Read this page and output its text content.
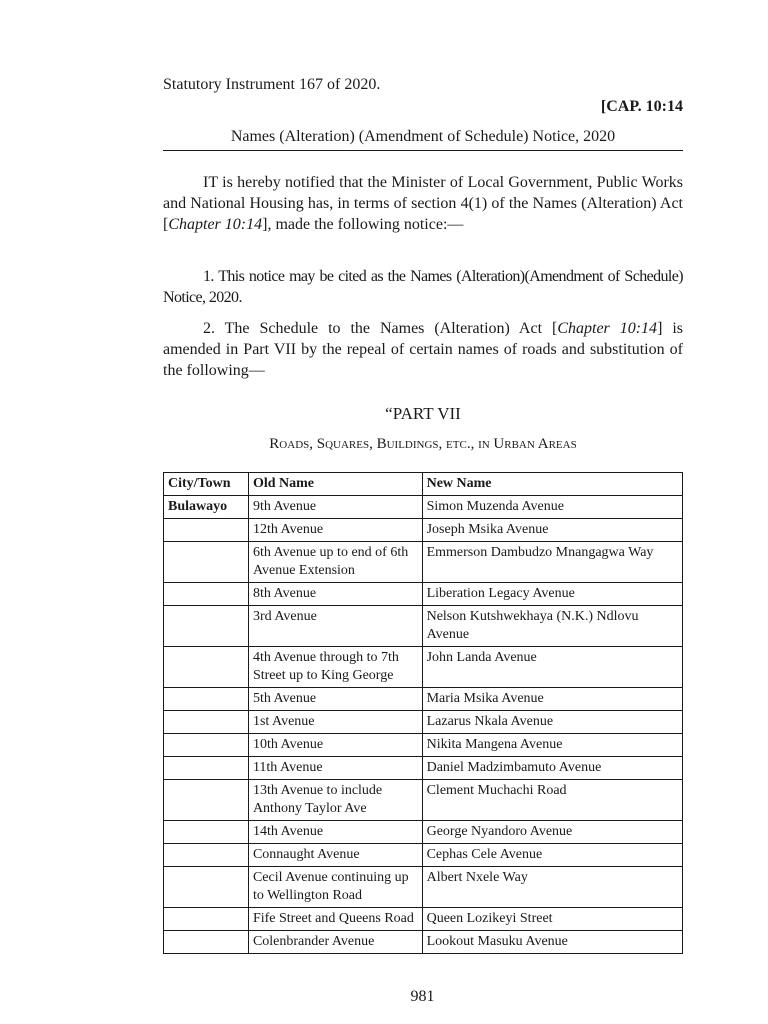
Statutory Instrument 167 of 2020.
[CAP. 10:14
Names (Alteration) (Amendment of Schedule) Notice, 2020
IT is hereby notified that the Minister of Local Government, Public Works and National Housing has, in terms of section 4(1) of the Names (Alteration) Act [Chapter 10:14], made the following notice:—
1. This notice may be cited as the Names (Alteration)(Amendment of Schedule) Notice, 2020.
2. The Schedule to the Names (Alteration) Act [Chapter 10:14] is amended in Part VII by the repeal of certain names of roads and substitution of the following—
“PART VII
Roads, Squares, Buildings, etc., in Urban Areas
City/Town	Old Name	New Name
Bulawayo	9th Avenue	Simon Muzenda Avenue
	12th Avenue	Joseph Msika Avenue
	6th Avenue up to end of 6th Avenue Extension	Emmerson Dambudzo Mnangagwa Way
	8th Avenue	Liberation Legacy Avenue
	3rd Avenue	Nelson Kutshwekhaya (N.K.) Ndlovu Avenue
	4th Avenue through to 7th Street up to King George	John Landa Avenue
	5th Avenue	Maria Msika Avenue
	1st Avenue	Lazarus Nkala Avenue
	10th Avenue	Nikita Mangena Avenue
	11th Avenue	Daniel Madzimbamuto Avenue
	13th Avenue to include Anthony Taylor Ave	Clement Muchachi Road
	14th Avenue	George Nyandoro Avenue
	Connaught Avenue	Cephas Cele Avenue
	Cecil Avenue continuing up to Wellington Road	Albert Nxele Way
	Fife Street and Queens Road	Queen Lozikeyi Street
	Colenbrander Avenue	Lookout Masuku Avenue
981
